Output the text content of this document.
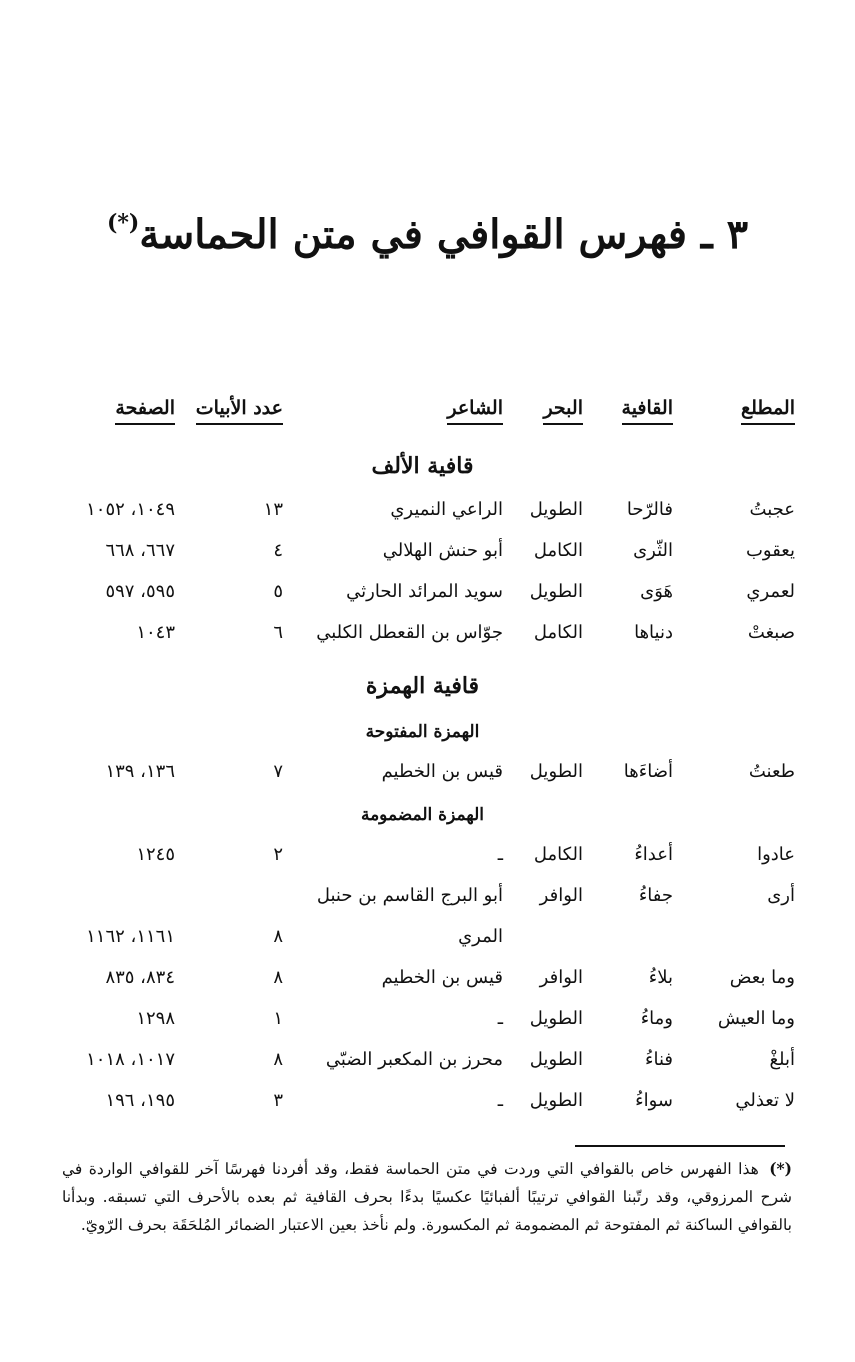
٣ ـ فهرس القوافي في متن الحماسة(*)
المطلع
القافية
البحر
الشاعر
عدد الأبيات
الصفحة
قافية الألف
عجبتُ
فالرّحا
الطويل
الراعي النميري
١٣
١٠٤٩، ١٠٥٢
يعقوب
الثّرى
الكامل
أبو حنش الهلالي
٤
٦٦٧، ٦٦٨
لعمري
هَوَى
الطويل
سويد المرائد الحارثي
٥
٥٩٥، ٥٩٧
صبغتْ
دنياها
الكامل
جوّاس بن القعطل الكلبي
٦
١٠٤٣
قافية الهمزة
الهمزة المفتوحة
طعنتُ
أضاءَها
الطويل
قيس بن الخطيم
٧
١٣٦، ١٣٩
الهمزة المضمومة
عادوا
أعداءُ
الكامل
ـ
٢
١٢٤٥
أرى
جفاءُ
الوافر
أبو البرج القاسم بن حنبل
المري
٨
١١٦١، ١١٦٢
وما بعض
بلاءُ
الوافر
قيس بن الخطيم
٨
٨٣٤، ٨٣٥
وما العيش
وماءُ
الطويل
ـ
١
١٢٩٨
أبلغْ
فناءُ
الطويل
محرز بن المكعبر الضبّي
٨
١٠١٧، ١٠١٨
لا تعذلي
سواءُ
الطويل
ـ
٣
١٩٥، ١٩٦
(*) هذا الفهرس خاص بالقوافي التي وردت في متن الحماسة فقط، وقد أفردنا فهرسًا آخر للقوافي الواردة في شرح المرزوقي، وقد رتّبنا القوافي ترتيبًا ألفبائيًا عكسيًا بدءًا بحرف القافية ثم بعده بالأحرف التي تسبقه. وبدأنا بالقوافي الساكنة ثم المفتوحة ثم المضمومة ثم المكسورة. ولم نأخذ بعين الاعتبار الضمائر المُلحَقَة بحرف الرّويّ.
